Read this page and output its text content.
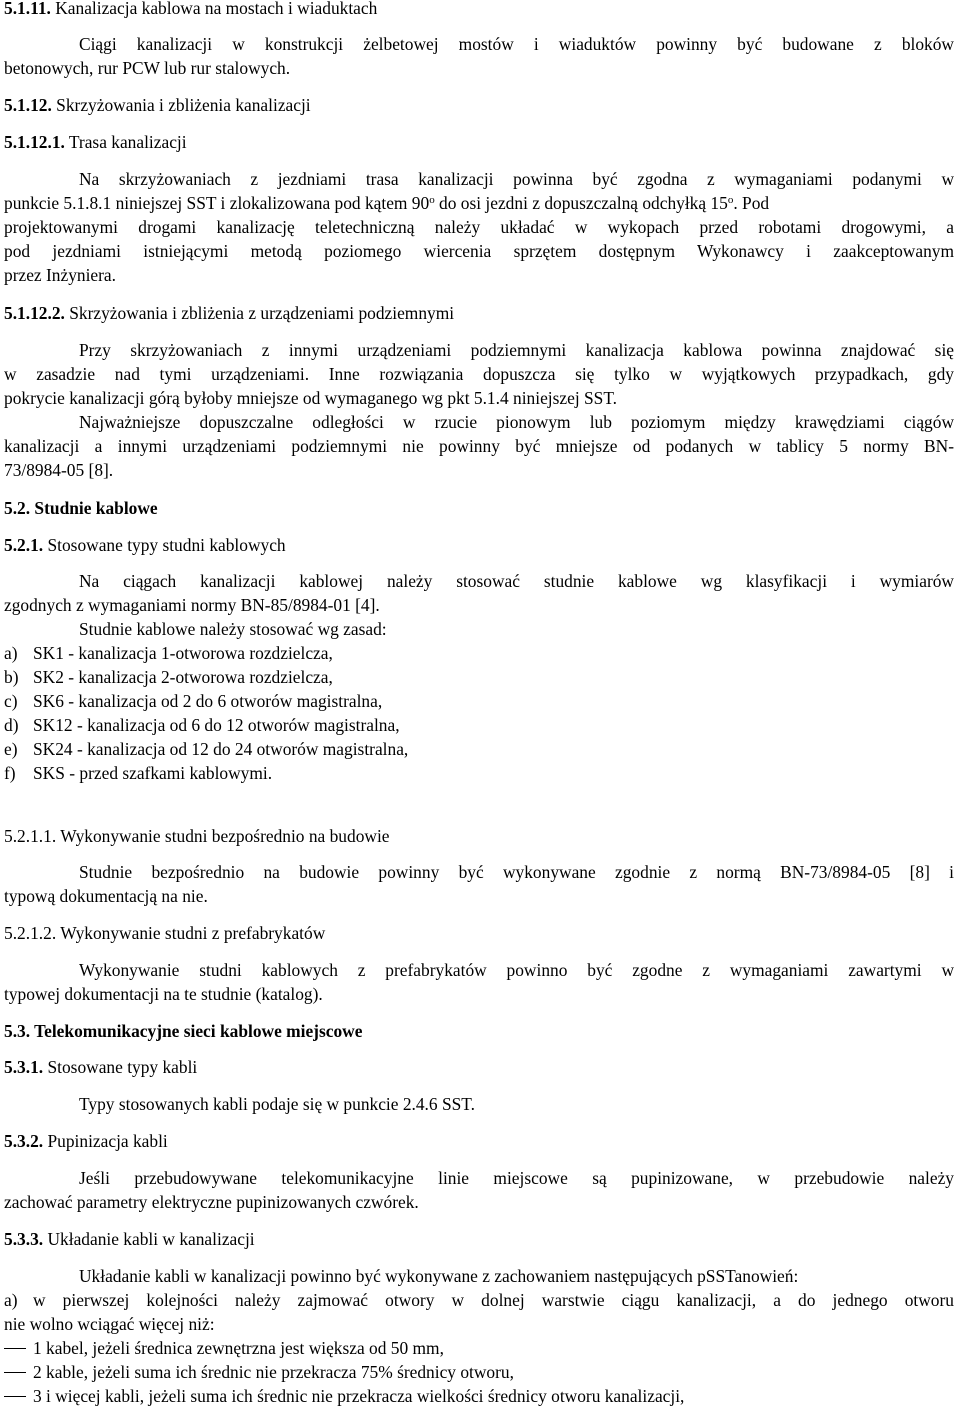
5.1.11. Kanalizacja kablowa na mostach i wiaduktach
Ciągi kanalizacji w konstrukcji żelbetowej mostów i wiaduktów powinny być budowane z bloków
betonowych, rur PCW lub rur stalowych.
5.1.12. Skrzyżowania i zbliżenia kanalizacji
5.1.12.1. Trasa kanalizacji
Na skrzyżowaniach z jezdniami trasa kanalizacji powinna być zgodna z wymaganiami podanymi w
punkcie 5.1.8.1 niniejszej SST i zlokalizowana pod kątem 90$^o$ do osi jezdni z dopuszczalną odchyłką 15$^o$. Pod
projektowanymi drogami kanalizację teletechniczną należy układać w wykopach przed robotami drogowymi, a
pod jezdniami istniejącymi metodą poziomego wiercenia sprzętem dostępnym Wykonawcy i zaakceptowanym
przez Inżyniera.
5.1.12.2. Skrzyżowania i zbliżenia z urządzeniami podziemnymi
Przy skrzyżowaniach z innymi urządzeniami podziemnymi kanalizacja kablowa powinna znajdować się
w zasadzie nad tymi urządzeniami. Inne rozwiązania dopuszcza się tylko w wyjątkowych przypadkach, gdy
pokrycie kanalizacji górą byłoby mniejsze od wymaganego wg pkt 5.1.4 niniejszej SST.
Najważniejsze dopuszczalne odległości w rzucie pionowym lub poziomym między krawędziami ciągów
kanalizacji a innymi urządzeniami podziemnymi nie powinny być mniejsze od podanych w tablicy 5 normy BN-
73/8984-05 [8].
5.2. Studnie kablowe
5.2.1. Stosowane typy studni kablowych
Na ciągach kanalizacji kablowej należy stosować studnie kablowe wg klasyfikacji i wymiarów
zgodnych z wymaganiami normy BN-85/8984-01 [4].
Studnie kablowe należy stosować wg zasad:
a) SK1 - kanalizacja 1-otworowa rozdzielcza,
b) SK2 - kanalizacja 2-otworowa rozdzielcza,
c) SK6 - kanalizacja od 2 do 6 otworów magistralna,
d) SK12 - kanalizacja od 6 do 12 otworów magistralna,
e) SK24 - kanalizacja od 12 do 24 otworów magistralna,
f) SKS - przed szafkami kablowymi.
5.2.1.1. Wykonywanie studni bezpośrednio na budowie
Studnie bezpośrednio na budowie powinny być wykonywane zgodnie z normą BN-73/8984-05 [8] i
typową dokumentacją na nie.
5.2.1.2. Wykonywanie studni z prefabrykatów
Wykonywanie studni kablowych z prefabrykatów powinno być zgodne z wymaganiami zawartymi w
typowej dokumentacji na te studnie (katalog).
5.3. Telekomunikacyjne sieci kablowe miejscowe
5.3.1. Stosowane typy kabli
Typy stosowanych kabli podaje się w punkcie 2.4.6 SST.
5.3.2. Pupinizacja kabli
Jeśli przebudowywane telekomunikacyjne linie miejscowe są pupinizowane, w przebudowie należy
zachować parametry elektryczne pupinizowanych czwórek.
5.3.3. Układanie kabli w kanalizacji
Układanie kabli w kanalizacji powinno być wykonywane z zachowaniem następujących pSSTanowień:
a) w pierwszej kolejności należy zajmować otwory w dolnej warstwie ciągu kanalizacji, a do jednego otworu
nie wolno wciągać więcej niż:
1 kabel, jeżeli średnica zewnętrzna jest większa od 50 mm,
2 kable, jeżeli suma ich średnic nie przekracza 75% średnicy otworu,
3 i więcej kabli, jeżeli suma ich średnic nie przekracza wielkości średnicy otworu kanalizacji,
